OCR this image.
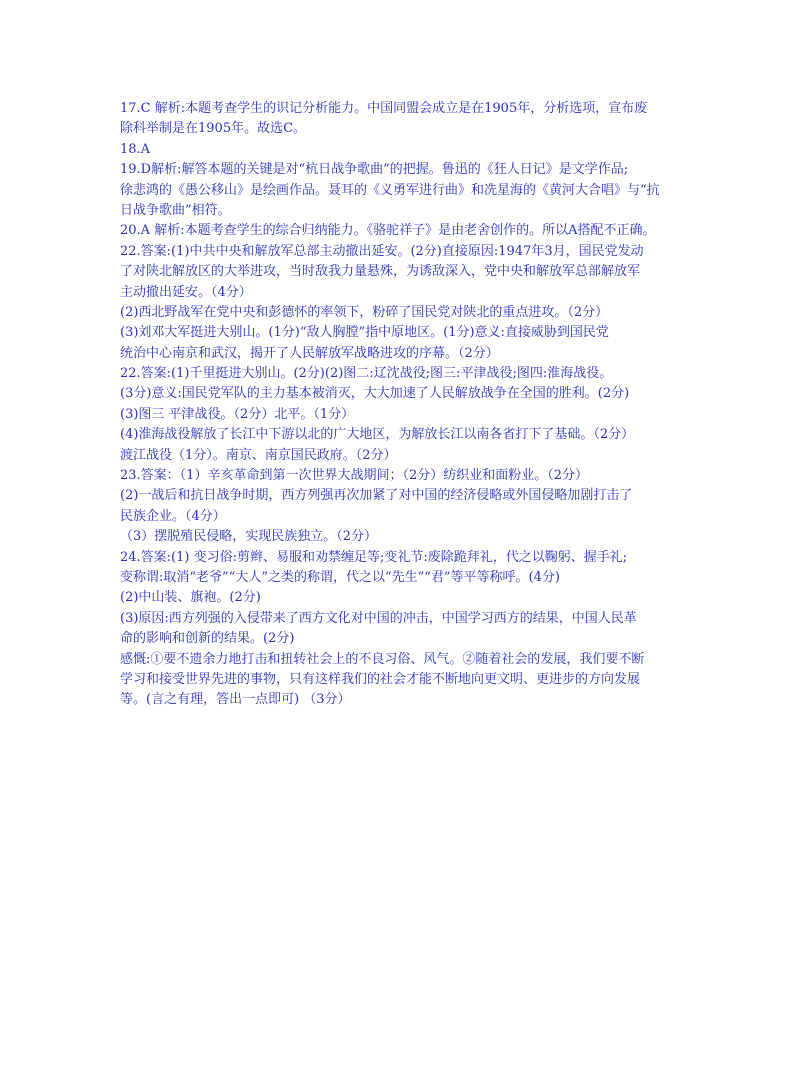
17.C 解析:本题考查学生的识记分析能力。中国同盟会成立是在1905年，分析选项，宣布废
除科举制是在1905年。故选C。
18.A
19.D解析:解答本题的关键是对“杭日战争歌曲”的把握。鲁迅的《狂人日记》是文学作品;
徐悲鸿的《愚公移山》是绘画作品。聂耳的《义勇军进行曲》和冼星海的《黄河大合唱》与“抗
日战争歌曲”相符。
20.A 解析:本题考查学生的综合归纳能力。《骆驼祥子》是由老舍创作的。所以A搭配不正确。
22.答案:(1)中共中央和解放军总部主动撤出延安。(2分)直接原因:1947年3月，国民党发动
了对陕北解放区的大举进攻，当时敌我力量悬殊，为诱敌深入，党中央和解放军总部解放军
主动撤出延安。（4分）
(2)西北野战军在党中央和彭德怀的率领下，粉碎了国民党对陕北的重点进攻。（2分）
(3)刘邓大军挺进大别山。(1分)“敌人胸膛”指中原地区。(1分)意义:直接威胁到国民党
统治中心南京和武汉，揭开了人民解放军战略进攻的序幕。（2分）
22.答案:(1)千里挺进大别山。(2分)(2)图二:辽沈战役;图三:平津战役;图四:淮海战役。
(3分)意义:国民党军队的主力基本被消灭，大大加速了人民解放战争在全国的胜利。(2分)
(3)图三 平津战役。（2分）北平。（1分）
(4)淮海战役解放了长江中下游以北的广大地区，为解放长江以南各省打下了基础。（2分）
渡江战役（1分）。南京、南京国民政府。（2分）
23.答案：（1）辛亥革命到第一次世界大战期间；（2分）纺织业和面粉业。（2分）
(2)一战后和抗日战争时期，西方列强再次加紧了对中国的经济侵略或外国侵略加剧打击了
民族企业。（4分）
（3）摆脱殖民侵略，实现民族独立。（2分）
24.答案:(1) 变习俗:剪辫、易服和劝禁缠足等;变礼节:废除跪拜礼，代之以鞠躬、握手礼;
变称谓:取消“老爷”“大人”之类的称谓，代之以“先生”“君”等平等称呼。(4分)
(2)中山装、旗袍。(2分)
(3)原因:西方列强的入侵带来了西方文化对中国的冲击，中国学习西方的结果，中国人民革
命的影响和创新的结果。(2分)
感慨:①要不遗余力地打击和扭转社会上的不良习俗、风气。②随着社会的发展，我们要不断
学习和接受世界先进的事物，只有这样我们的社会才能不断地向更文明、更进步的方向发展
等。(言之有理，答出一点即可) （3分）
